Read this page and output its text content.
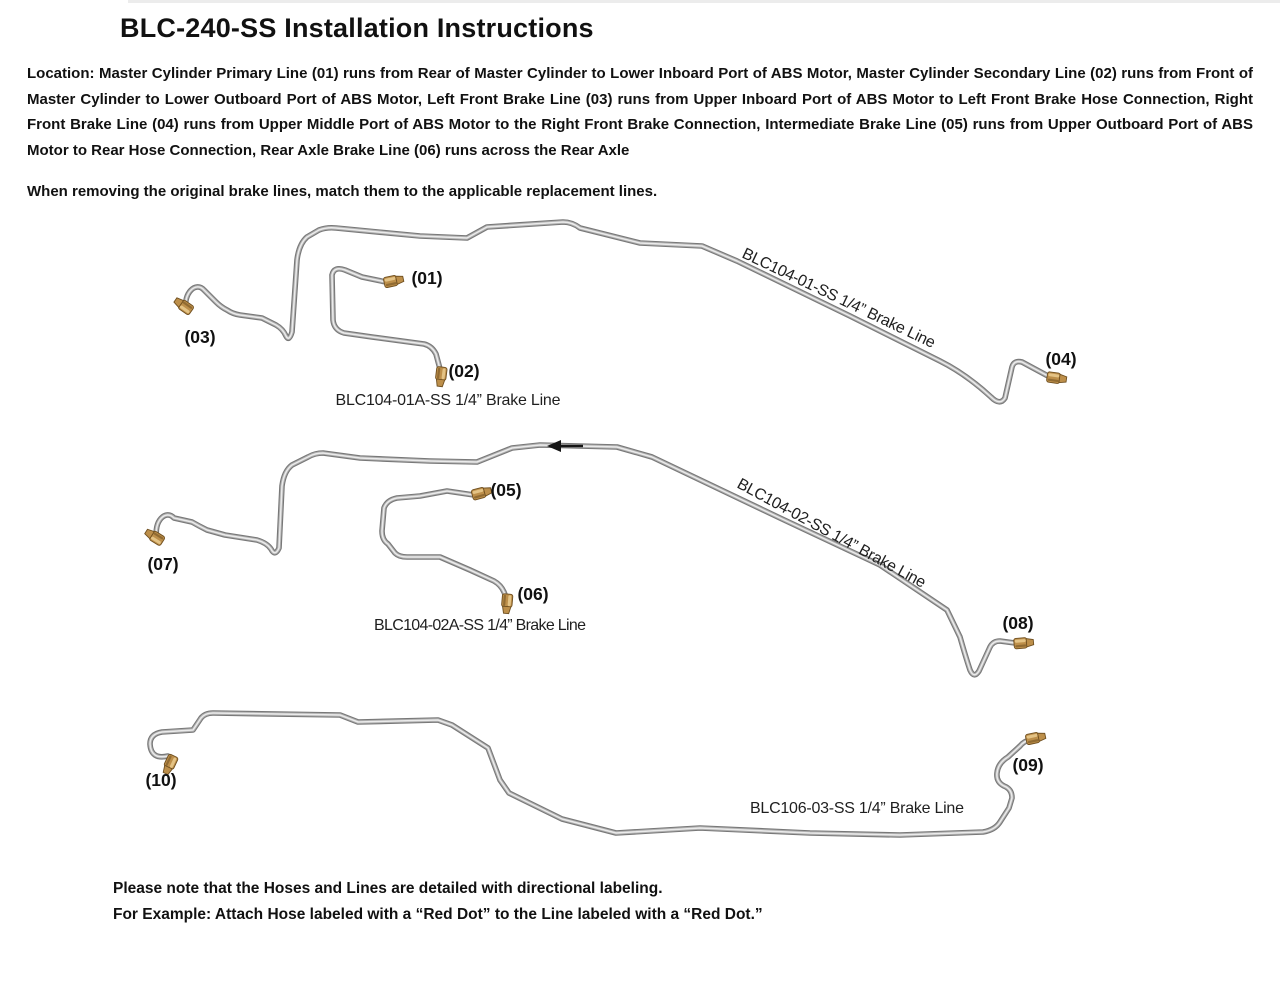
BLC-240-SS Installation Instructions
Location: Master Cylinder Primary Line (01) runs from Rear of Master Cylinder to Lower Inboard Port of ABS Motor, Master Cylinder Secondary Line (02) runs from Front of Master Cylinder to Lower Outboard Port of ABS Motor, Left Front Brake Line (03) runs from Upper Inboard Port of ABS Motor to Left Front Brake Hose Connection, Right Front Brake Line (04) runs from Upper Middle Port of ABS Motor to the Right Front Brake Connection, Intermediate Brake Line (05) runs from Upper Outboard Port of ABS Motor to Rear Hose Connection, Rear Axle Brake Line (06) runs across the Rear Axle
When removing the original brake lines, match them to the applicable replacement lines.
(01)
(02)
(03)
(04)
BLC104-01-SS 1/4” Brake Line
BLC104-01A-SS 1/4” Brake Line
(05)
(06)
(07)
(08)
BLC104-02-SS 1/4” Brake Line
BLC104-02A-SS 1/4” Brake Line
(10)
(09)
BLC106-03-SS 1/4” Brake Line
Please note that the Hoses and Lines are detailed with directional labeling.
For Example: Attach Hose labeled with a “Red Dot” to the Line labeled with a “Red Dot.”
